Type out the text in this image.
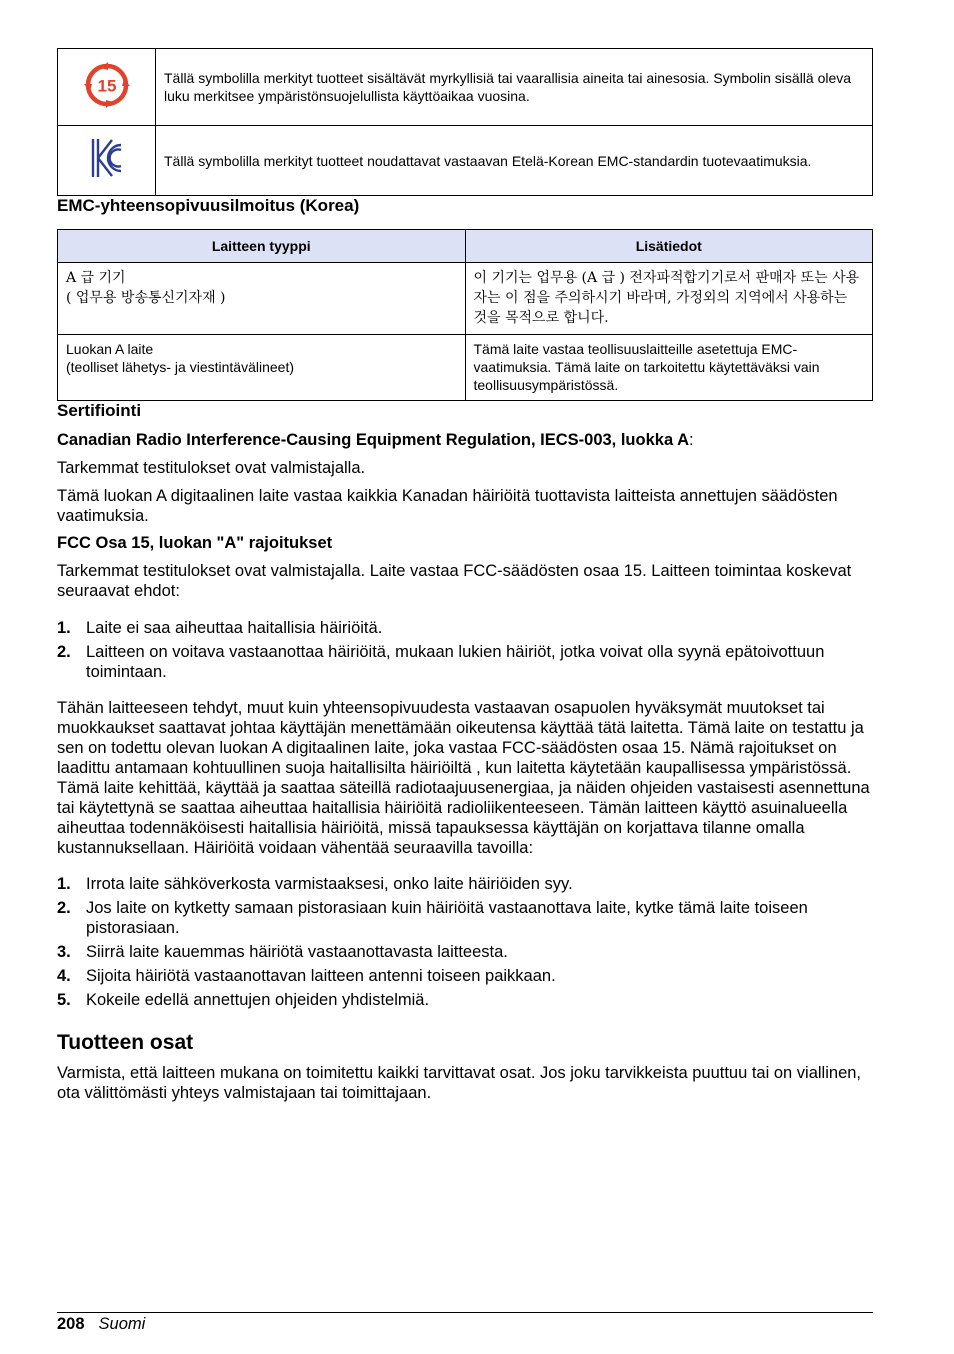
15	Tällä symbolilla merkityt tuotteet sisältävät myrkyllisiä tai vaarallisia aineita tai ainesosia. Symbolin sisällä oleva luku merkitsee ympäristönsuojelullista käyttöaikaa vuosina.
	Tällä symbolilla merkityt tuotteet noudattavat vastaavan Etelä-Korean EMC-standardin tuotevaatimuksia.
EMC-yhteensopivuusilmoitus (Korea)
Laitteen tyyppi	Lisätiedot

A 급 기기
( 업무용 방송통신기자재 )	이 기기는 업무용 (A 급 ) 전자파적합기기로서 판매자 또는 사용자는 이 점을 주의하시기 바라며, 가정외의 지역에서 사용하는 것을 목적으로 합니다.

Luokan A laite
(teolliset lähetys- ja viestintävälineet)	Tämä laite vastaa teollisuuslaitteille asetettuja EMC-vaatimuksia. Tämä laite on tarkoitettu käytettäväksi vain teollisuusympäristössä.
Sertifiointi

Canadian Radio Interference-Causing Equipment Regulation, IECS-003, luokka A:

Tarkemmat testitulokset ovat valmistajalla.

Tämä luokan A digitaalinen laite vastaa kaikkia Kanadan häiriöitä tuottavista laitteista annettujen säädösten vaatimuksia.

FCC Osa 15, luokan "A" rajoitukset

Tarkemmat testitulokset ovat valmistajalla. Laite vastaa FCC-säädösten osaa 15. Laitteen toimintaa koskevat seuraavat ehdot:

1. Laite ei saa aiheuttaa haitallisia häiriöitä.
2. Laitteen on voitava vastaanottaa häiriöitä, mukaan lukien häiriöt, jotka voivat olla syynä epätoivottuun toimintaan.

Tähän laitteeseen tehdyt, muut kuin yhteensopivuudesta vastaavan osapuolen hyväksymät muutokset tai muokkaukset saattavat johtaa käyttäjän menettämään oikeutensa käyttää tätä laitetta. Tämä laite on testattu ja sen on todettu olevan luokan A digitaalinen laite, joka vastaa FCC-säädösten osaa 15. Nämä rajoitukset on laadittu antamaan kohtuullinen suoja haitallisilta häiriöiltä , kun laitetta käytetään kaupallisessa ympäristössä. Tämä laite kehittää, käyttää ja saattaa säteillä radiotaajuusenergiaa, ja näiden ohjeiden vastaisesti asennettuna tai käytettynä se saattaa aiheuttaa haitallisia häiriöitä radioliikenteeseen. Tämän laitteen käyttö asuinalueella aiheuttaa todennäköisesti haitallisia häiriöitä, missä tapauksessa käyttäjän on korjattava tilanne omalla kustannuksellaan. Häiriöitä voidaan vähentää seuraavilla tavoilla:

1. Irrota laite sähköverkosta varmistaaksesi, onko laite häiriöiden syy.
2. Jos laite on kytketty samaan pistorasiaan kuin häiriöitä vastaanottava laite, kytke tämä laite toiseen pistorasiaan.
3. Siirrä laite kauemmas häiriötä vastaanottavasta laitteesta.
4. Sijoita häiriötä vastaanottavan laitteen antenni toiseen paikkaan.
5. Kokeile edellä annettujen ohjeiden yhdistelmiä.
Tuotteen osat

Varmista, että laitteen mukana on toimitettu kaikki tarvittavat osat. Jos joku tarvikkeista puuttuu tai on viallinen, ota välittömästi yhteys valmistajaan tai toimittajaan.

208 Suomi
